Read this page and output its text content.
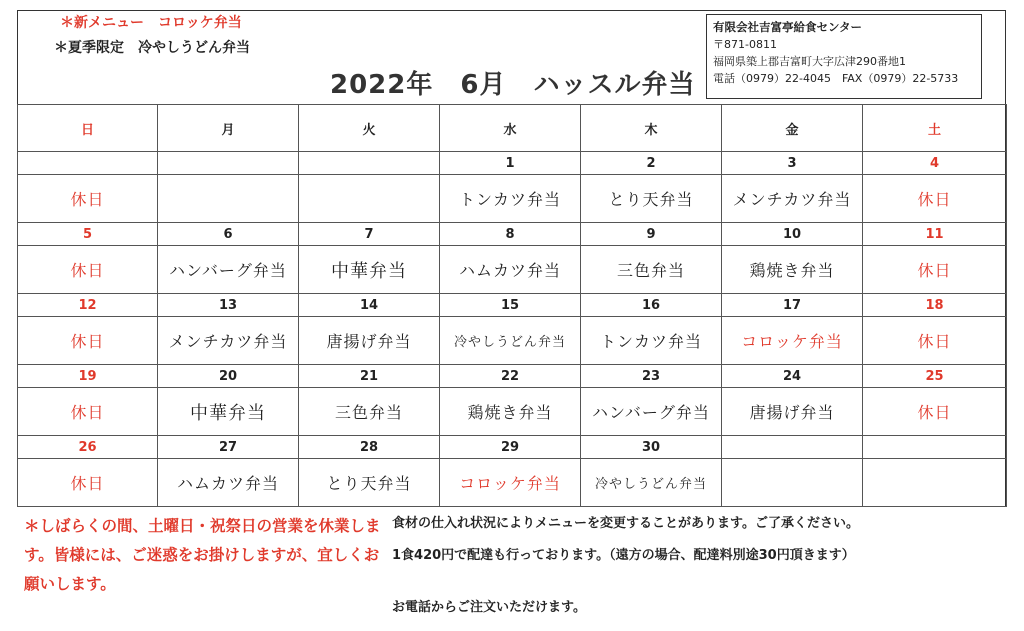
＊新メニュー　コロッケ弁当
＊夏季限定　冷やしうどん弁当
2022年　6月　ハッスル弁当
有限会社吉富亭給食センター
〒871-0811
福岡県築上郡吉富町大字広津290番地1
電話（0979）22-4045　FAX（0979）22-5733
日	月	火	水	木	金	土
			1	2	3	4
休日			トンカツ弁当	とり天弁当	メンチカツ弁当	休日
5	6	7	8	9	10	11
休日	ハンバーグ弁当	中華弁当	ハムカツ弁当	三色弁当	鶏焼き弁当	休日
12	13	14	15	16	17	18
休日	メンチカツ弁当	唐揚げ弁当	冷やしうどん弁当	トンカツ弁当	コロッケ弁当	休日
19	20	21	22	23	24	25
休日	中華弁当	三色弁当	鶏焼き弁当	ハンバーグ弁当	唐揚げ弁当	休日
26	27	28	29	30		
休日	ハムカツ弁当	とり天弁当	コロッケ弁当	冷やしうどん弁当		
＊しばらくの間、土曜日・祝祭日の営業を休業します。皆様には、ご迷惑をお掛けしますが、宜しくお願いします。
食材の仕入れ状況によりメニューを変更することがあります。ご了承ください。
1食420円で配達も行っております。（遠方の場合、配達料別途30円頂きます）
お電話からご注文いただけます。
